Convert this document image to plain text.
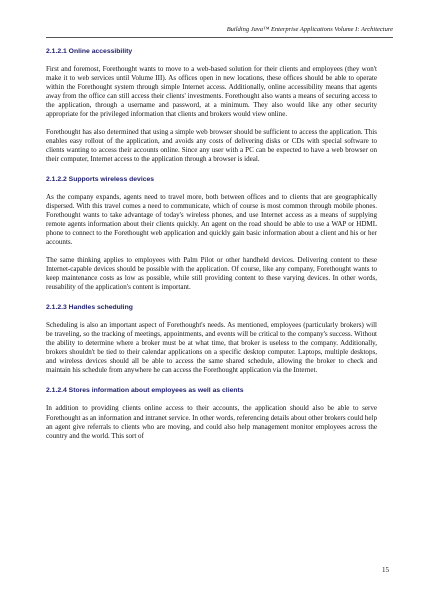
Building Java™ Enterprise Applications Volume I: Architecture
2.1.2.1 Online accessibility

First and foremost, Forethought wants to move to a web-based solution for their clients and employees (they won't make it to web services until Volume III). As offices open in new locations, these offices should be able to operate within the Forethought system through simple Internet access. Additionally, online accessibility means that agents away from the office can still access their clients' investments. Forethought also wants a means of securing access to the application, through a username and password, at a minimum. They also would like any other security appropriate for the privileged information that clients and brokers would view online.

Forethought has also determined that using a simple web browser should be sufficient to access the application. This enables easy rollout of the application, and avoids any costs of delivering disks or CDs with special software to clients wanting to access their accounts online. Since any user with a PC can be expected to have a web browser on their computer, Internet access to the application through a browser is ideal.

2.1.2.2 Supports wireless devices

As the company expands, agents need to travel more, both between offices and to clients that are geographically dispersed. With this travel comes a need to communicate, which of course is most common through mobile phones. Forethought wants to take advantage of today's wireless phones, and use Internet access as a means of supplying remote agents information about their clients quickly. An agent on the road should be able to use a WAP or HDML phone to connect to the Forethought web application and quickly gain basic information about a client and his or her accounts.

The same thinking applies to employees with Palm Pilot or other handheld devices. Delivering content to these Internet-capable devices should be possible with the application. Of course, like any company, Forethought wants to keep maintenance costs as low as possible, while still providing content to these varying devices. In other words, reusability of the application's content is important.

2.1.2.3 Handles scheduling

Scheduling is also an important aspect of Forethought's needs. As mentioned, employees (particularly brokers) will be traveling, so the tracking of meetings, appointments, and events will be critical to the company's success. Without the ability to determine where a broker must be at what time, that broker is useless to the company. Additionally, brokers shouldn't be tied to their calendar applications on a specific desktop computer. Laptops, multiple desktops, and wireless devices should all be able to access the same shared schedule, allowing the broker to check and maintain his schedule from anywhere he can access the Forethought application via the Internet.

2.1.2.4 Stores information about employees as well as clients

In addition to providing clients online access to their accounts, the application should also be able to serve Forethought as an information and intranet service. In other words, referencing details about other brokers could help an agent give referrals to clients who are moving, and could also help management monitor employees across the country and the world. This sort of

15
